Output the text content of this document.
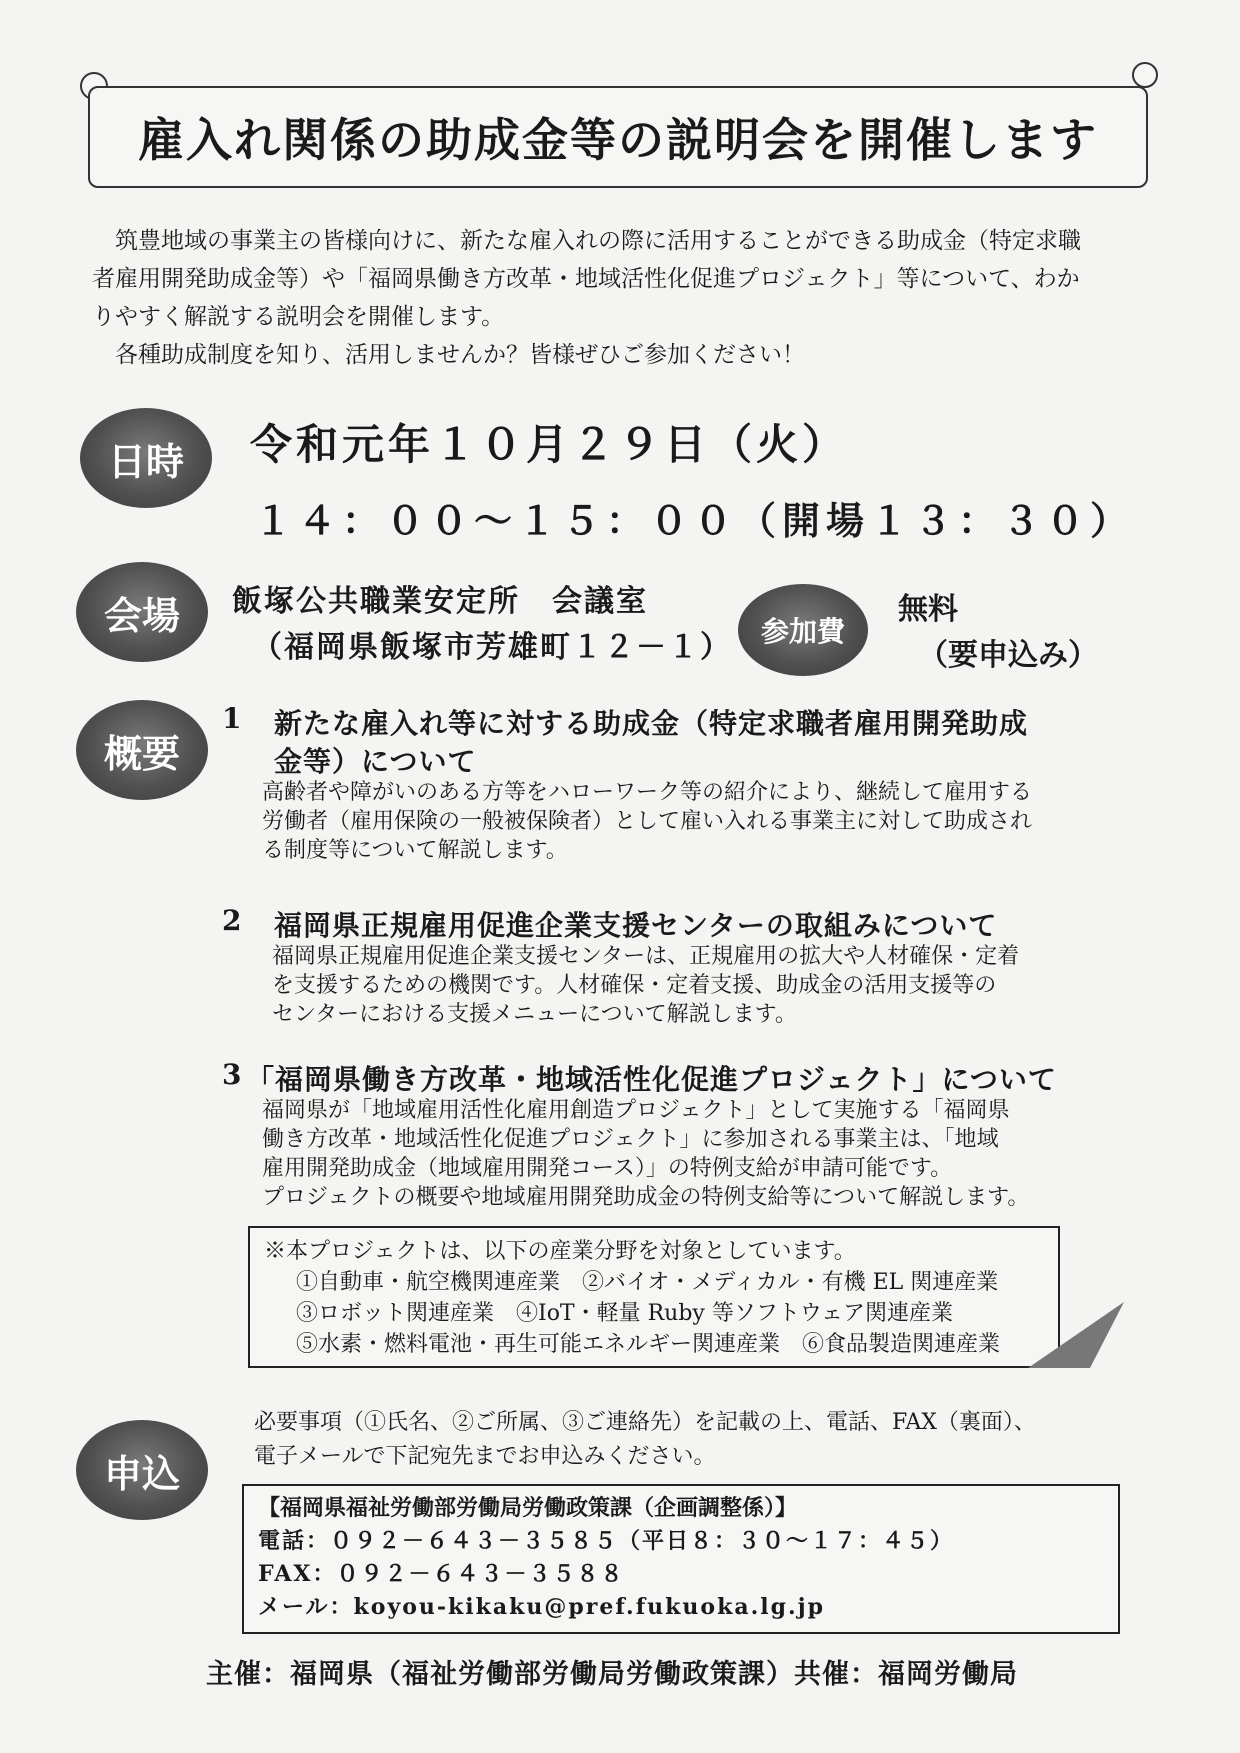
雇入れ関係の助成金等の説明会を開催します

筑豊地域の事業主の皆様向けに、新たな雇入れの際に活用することができる助成金（特定求職

者雇用開発助成金等）や「福岡県働き方改革・地域活性化促進プロジェクト」等について、わか

りやすく解説する説明会を開催します。

各種助成制度を知り、活用しませんか？皆様ぜひご参加ください！

日時	令和元年１０月２９日（火）
１４：００～１５：００（開場１３：３０）
会場	飯塚公共職業安定所　会議室
（福岡県飯塚市芳雄町１２－１）	参加費
無料
（要申込み）
概要
1 新たな雇入れ等に対する助成金（特定求職者雇用開発助成
金等）について

高齢者や障がいのある方等をハローワーク等の紹介により、継続して雇用する

労働者（雇用保険の一般被保険者）として雇い入れる事業主に対して助成され

る制度等について解説します。

2 福岡県正規雇用促進企業支援センターの取組みについて

福岡県正規雇用促進企業支援センターは、正規雇用の拡大や人材確保・定着

を支援するための機関です。人材確保・定着支援、助成金の活用支援等の

センターにおける支援メニューについて解説します。

3 「福岡県働き方改革・地域活性化促進プロジェクト」について

福岡県が「地域雇用活性化雇用創造プロジェクト」として実施する「福岡県

働き方改革・地域活性化促進プロジェクト」に参加される事業主は、「地域

雇用開発助成金（地域雇用開発コース）」の特例支給が申請可能です。

プロジェクトの概要や地域雇用開発助成金の特例支給等について解説します。

※本プロジェクトは、以下の産業分野を対象としています。

①自動車・航空機関連産業　②バイオ・メディカル・有機 EL 関連産業

③ロボット関連産業　④IoT・軽量 Ruby 等ソフトウェア関連産業

⑤水素・燃料電池・再生可能エネルギー関連産業　⑥食品製造関連産業

申込

必要事項（①氏名、②ご所属、③ご連絡先）を記載の上、電話、FAX（裏面）、

電子メールで下記宛先までお申込みください。

【福岡県福祉労働部労働局労働政策課（企画調整係）】

電話：０９２－６４３－３５８５（平日８：３０～１７：４５）

FAX：０９２－６４３－３５８８

メール：koyou-kikaku@pref.fukuoka.lg.jp

主催：福岡県（福祉労働部労働局労働政策課）共催：福岡労働局
